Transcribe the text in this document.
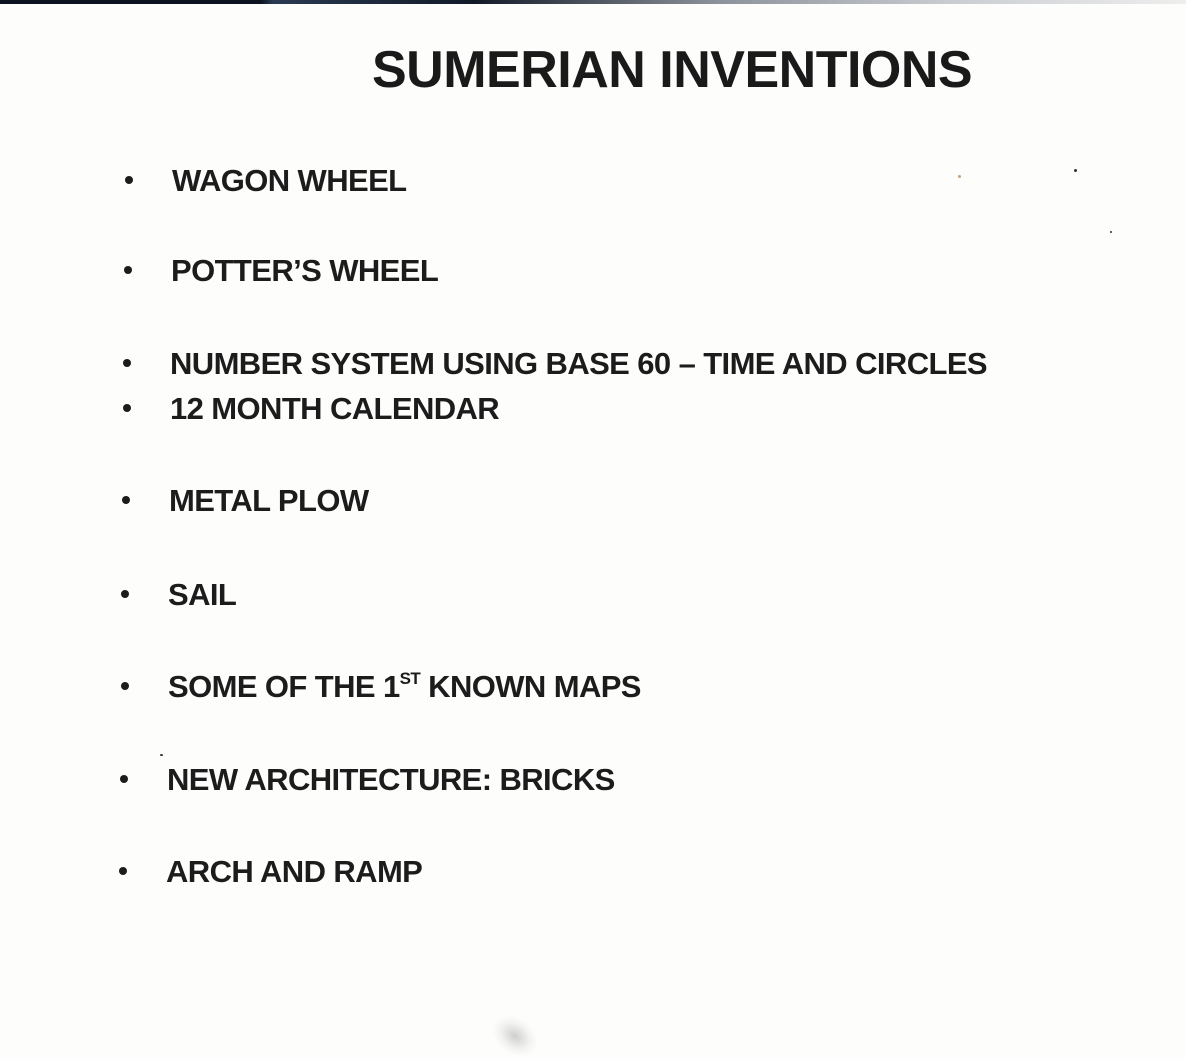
SUMERIAN INVENTIONS
WAGON WHEEL
POTTER’S WHEEL
NUMBER SYSTEM USING BASE 60 – TIME AND CIRCLES
12 MONTH CALENDAR
METAL PLOW
SAIL
SOME OF THE 1ST KNOWN MAPS
NEW ARCHITECTURE: BRICKS
ARCH AND RAMP
